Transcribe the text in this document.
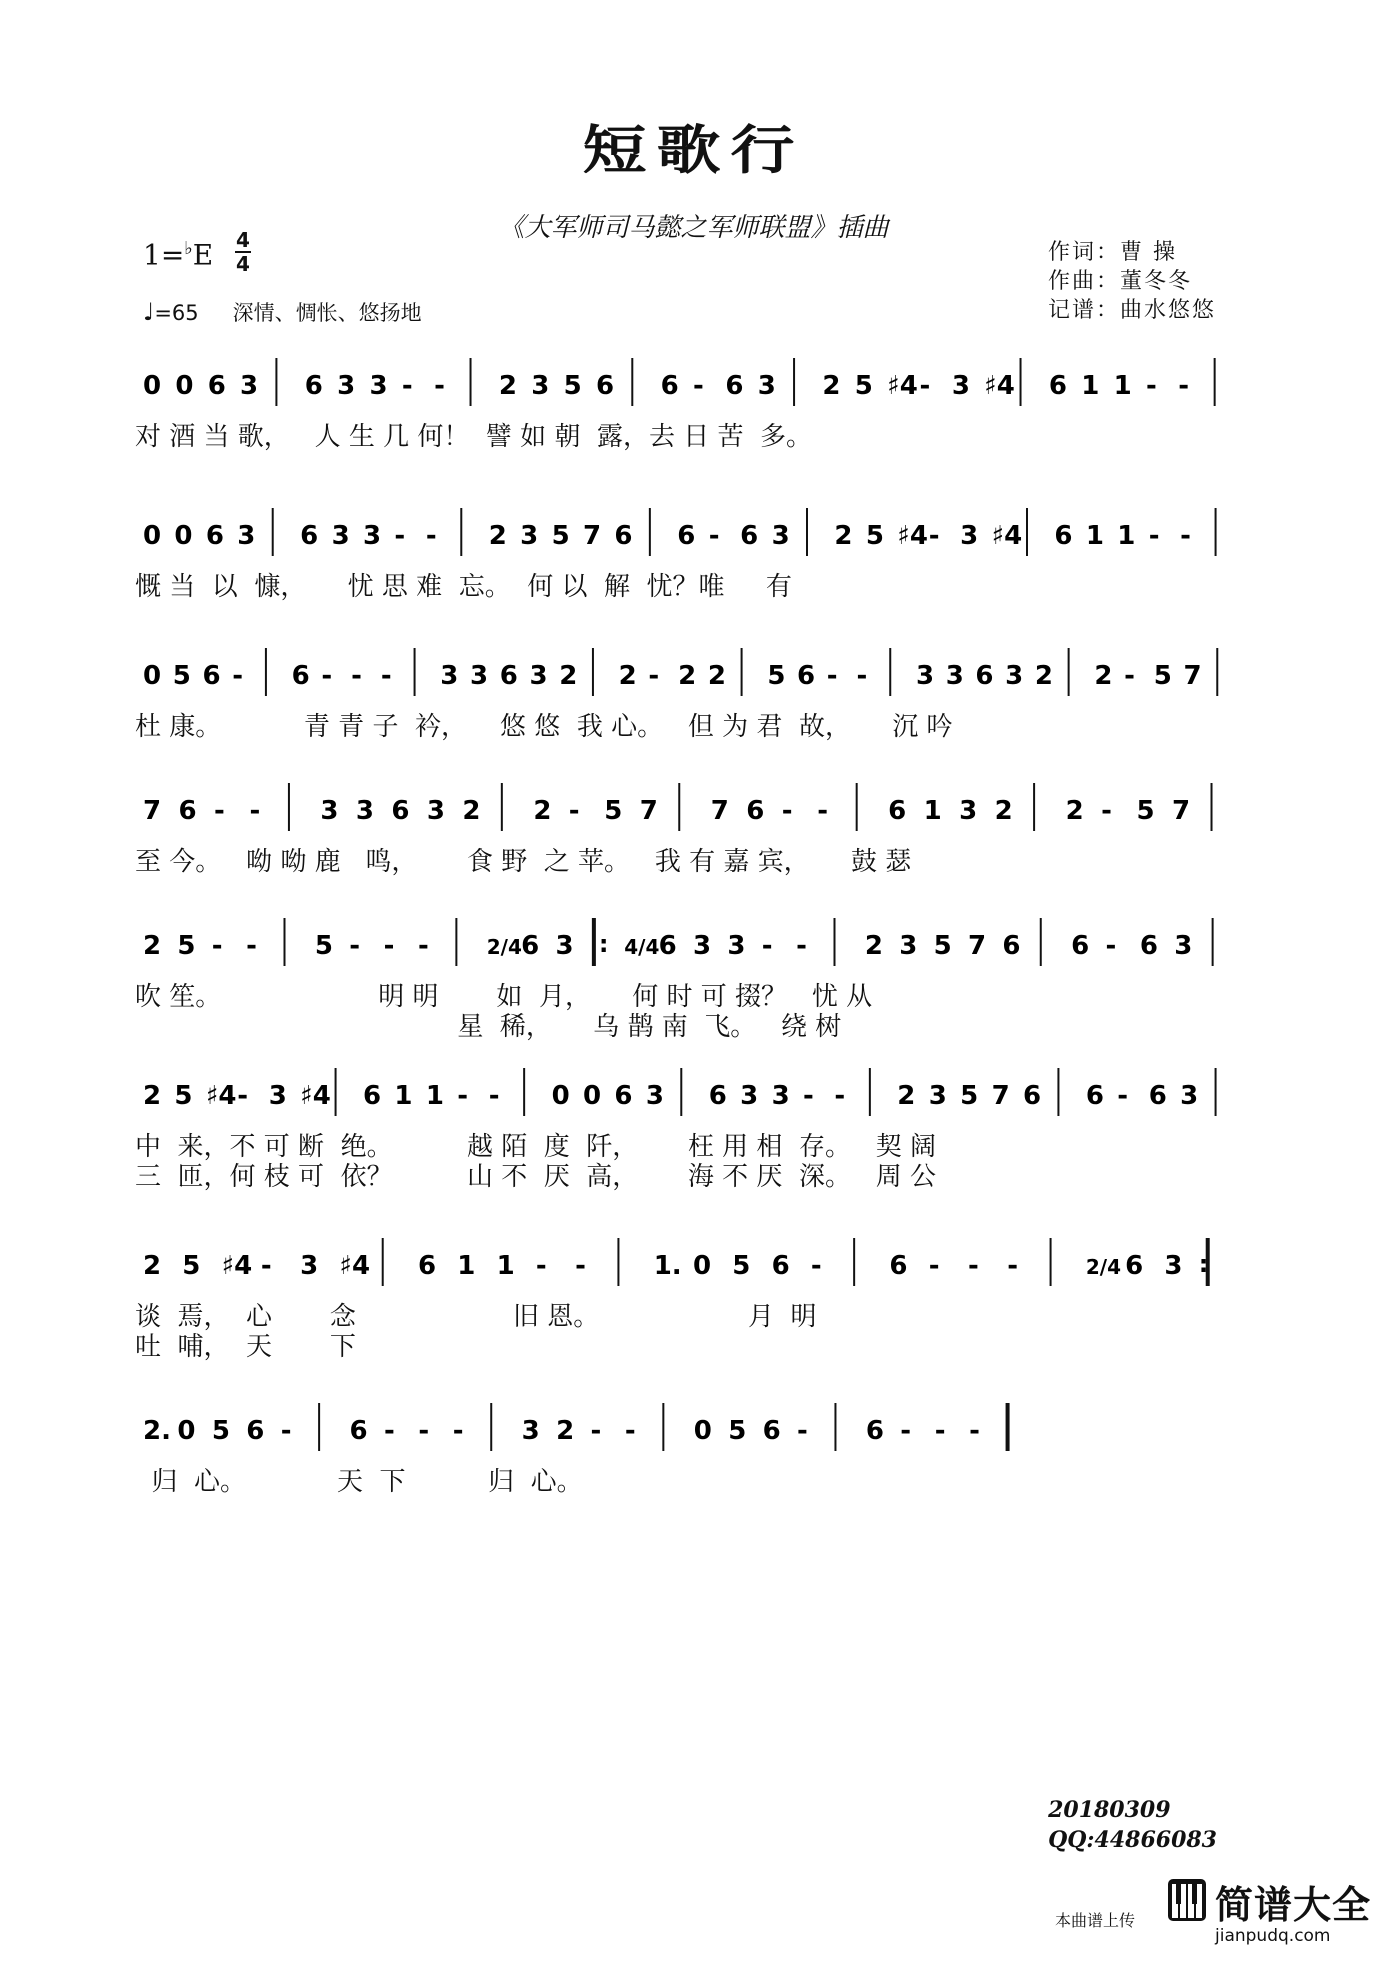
短歌行
《大军师司马懿之军师联盟》插曲
1=♭E 4
4
♩=65 深情、惆怅、悠扬地
作词：曹 操
作曲：董冬冬
记谱：曲水悠悠
0 0 6 3 6 3 3 - - 2 3 5 6 6 - 6 3 2 5 ♯4 - 3 ♯4 6 1 1 - -
对 酒 当 歌，   人 生 几 何！  譬 如 朝  露，去 日 苦  多。
0 0 6 3 6 3 3 - - 2 3 5 7 6 6 - 6 3 2 5 ♯4 - 3 ♯4 6 1 1 - -
慨 当  以  慷，     忧 思 难  忘。  何 以  解  忧？唯     有
0 5 6 - 6 - - - 3 3 6 3 2 2 - 2 2 5 6 - - 3 3 6 3 2 2 - 5 7
杜 康。          青 青 子  衿，    悠 悠  我 心。   但 为 君  故，     沉 吟
7 6 - - 3 3 6 3 2 2 - 5 7 7 6 - - 6 1 3 2 2 - 5 7
至 今。   呦 呦 鹿   鸣，      食 野  之 苹。   我 有 嘉 宾，     鼓 瑟
2 5 - - 5 - - -	2/4 6 3 : 4/4 6 3 3 - - 2 3 5 7 6 6 - 6 3
吹 笙。                   明 明       如  月，     何 时 可 掇？   忧 从
星  稀，     乌 鹊 南  飞。   绕 树
2 5 ♯4 - 3 ♯4 6 1 1 - - 0 0 6 3 6 3 3 - - 2 3 5 7 6 6 - 6 3
中  来，不 可 断  绝。         越 陌  度  阡，      枉 用 相  存。   契 阔
三  匝，何 枝 可  依？         山 不  厌  高，      海 不 厌  深。   周 公
2 5 ♯4 - 3 ♯4 6 1 1 - -	1. 0 5 6 -	6 - - -	2/4 6 3 :
谈  焉，  心       念                   旧 恩。                  月  明
吐  哺，  天       下
2. 0 5 6 - 6 - - - 3 2 - - 0 5 6 - 6 - - -
归  心。           天  下          归  心。
20180309
QQ:44866083
本曲谱上传 简谱大全
jianpudq.com
